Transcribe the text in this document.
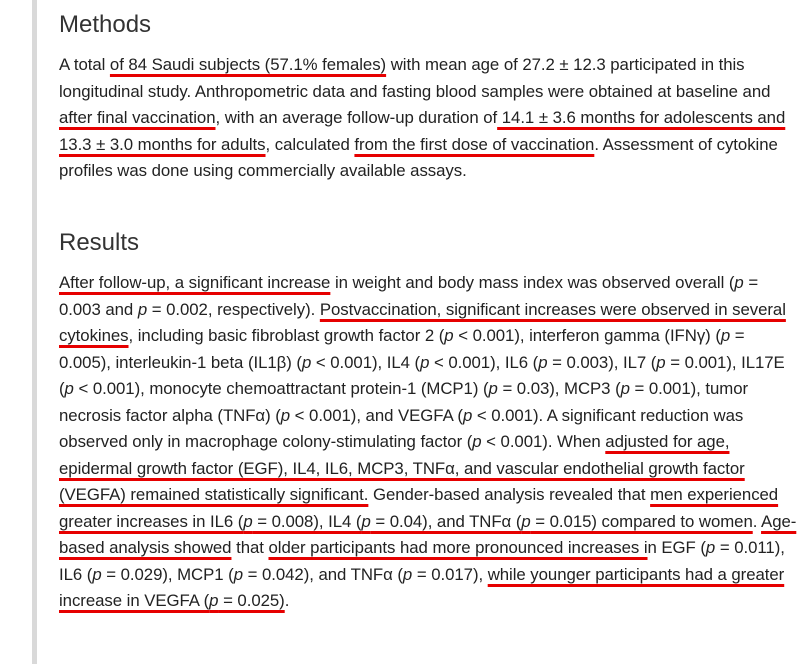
Methods

A total of 84 Saudi subjects (57.1% females) with mean age of 27.2 ± 12.3 participated in this longitudinal study. Anthropometric data and fasting blood samples were obtained at baseline and after final vaccination, with an average follow-up duration of 14.1 ± 3.6 months for adolescents and 13.3 ± 3.0 months for adults, calculated from the first dose of vaccination. Assessment of cytokine profiles was done using commercially available assays.

Results

After follow-up, a significant increase in weight and body mass index was observed overall (p = 0.003 and p = 0.002, respectively). Postvaccination, significant increases were observed in several cytokines, including basic fibroblast growth factor 2 (p < 0.001), interferon gamma (IFNγ) (p = 0.005), interleukin-1 beta (IL1β) (p < 0.001), IL4 (p < 0.001), IL6 (p = 0.003), IL7 (p = 0.001), IL17E (p < 0.001), monocyte chemoattractant protein-1 (MCP1) (p = 0.03), MCP3 (p = 0.001), tumor necrosis factor alpha (TNFα) (p < 0.001), and VEGFA (p < 0.001). A significant reduction was observed only in macrophage colony-stimulating factor (p < 0.001). When adjusted for age, epidermal growth factor (EGF), IL4, IL6, MCP3, TNFα, and vascular endothelial growth factor (VEGFA) remained statistically significant. Gender-based analysis revealed that men experienced greater increases in IL6 (p = 0.008), IL4 (p = 0.04), and TNFα (p = 0.015) compared to women. Age-based analysis showed that older participants had more pronounced increases in EGF (p = 0.011), IL6 (p = 0.029), MCP1 (p = 0.042), and TNFα (p = 0.017), while younger participants had a greater increase in VEGFA (p = 0.025).
